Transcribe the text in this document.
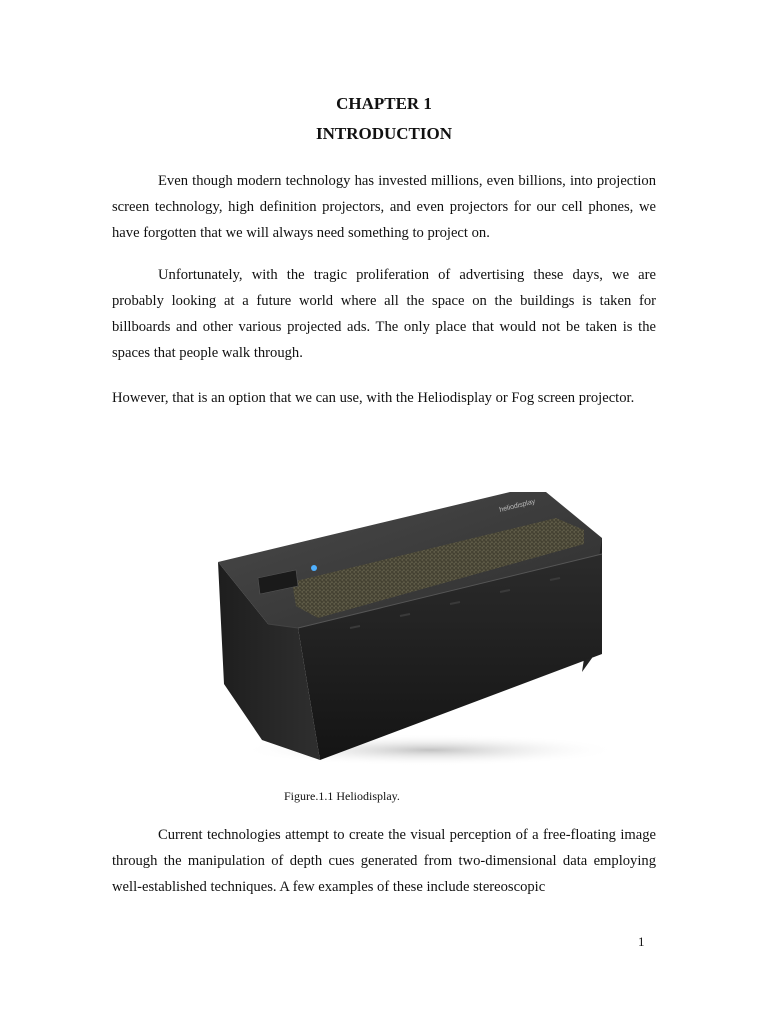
CHAPTER 1
INTRODUCTION

Even though modern technology has invested millions, even billions, into projection screen technology, high definition projectors, and even projectors for our cell phones, we have forgotten that we will always need something to project on.

Unfortunately, with the tragic proliferation of advertising these days, we are probably looking at a future world where all the space on the buildings is taken for billboards and other various projected ads. The only place that would not be taken is the spaces that people walk through.

However, that is an option that we can use, with the Heliodisplay or Fog screen projector.

heliodisplay
Figure.1.1 Heliodisplay.

Current technologies attempt to create the visual perception of a free-floating image through the manipulation of depth cues generated from two-dimensional data employing well-established techniques. A few examples of these include stereoscopic

1
